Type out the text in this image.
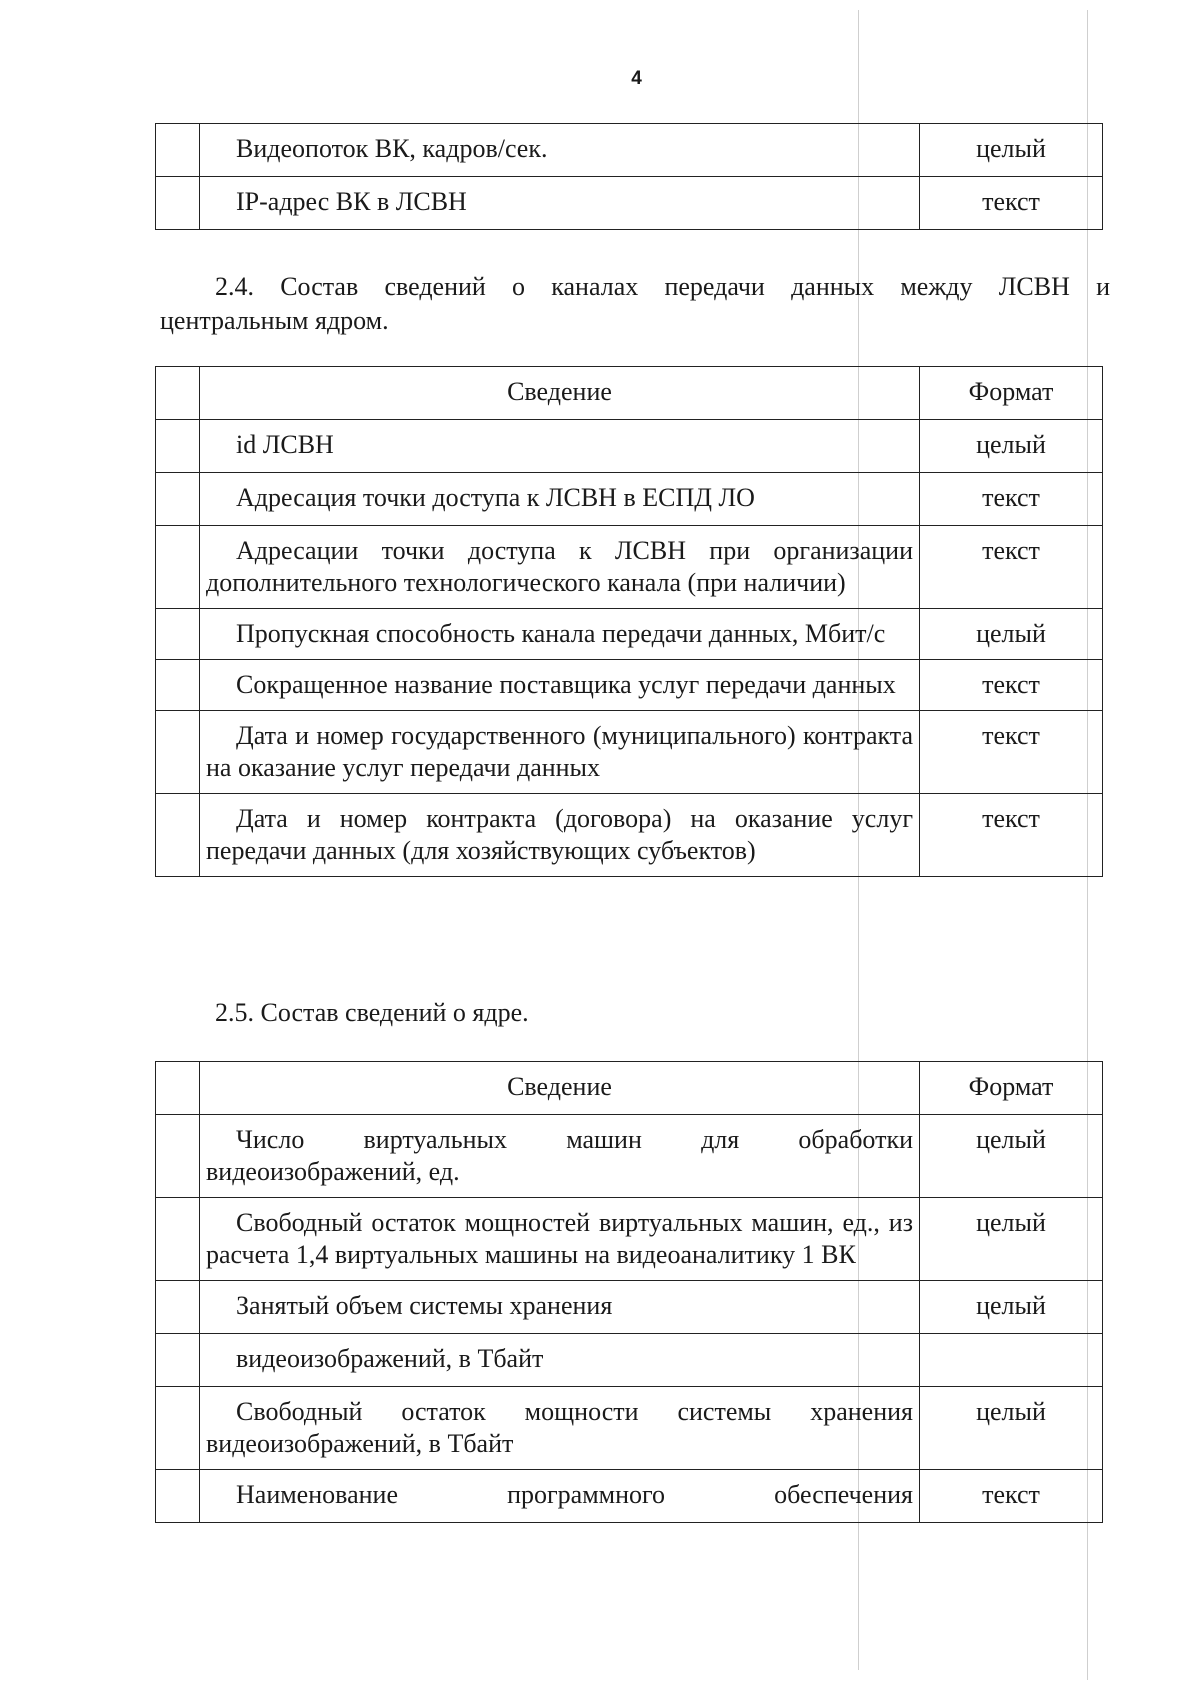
4
	Видеопоток ВК, кадров/сек.	целый
	IP-адрес ВК в ЛСВН	текст
2.4. Состав сведений о каналах передачи данных между ЛСВН и
центральным ядром.
	Сведение	Формат
	id ЛСВН	целый
	Адресация точки доступа к ЛСВН в ЕСПД ЛО	текст
	Адресации точки доступа к ЛСВН при организации дополнительного технологического канала (при наличии)	текст
	Пропускная способность канала передачи данных, Мбит/с	целый
	Сокращенное название поставщика услуг передачи данных	текст
	Дата и номер государственного (муниципального) контракта на оказание услуг передачи данных	текст
	Дата и номер контракта (договора) на оказание услуг передачи данных (для хозяйствующих субъектов)	текст
2.5. Состав сведений о ядре.
	Сведение	Формат
	Число виртуальных машин для обработки видеоизображений, ед.	целый
	Свободный остаток мощностей виртуальных машин, ед., из расчета 1,4 виртуальных машины на видеоаналитику 1 ВК	целый
	Занятый объем системы хранения	целый
	видеоизображений, в Тбайт	
	Свободный остаток мощности системы хранения видеоизображений, в Тбайт	целый
	Наименование программного обеспечения	текст
